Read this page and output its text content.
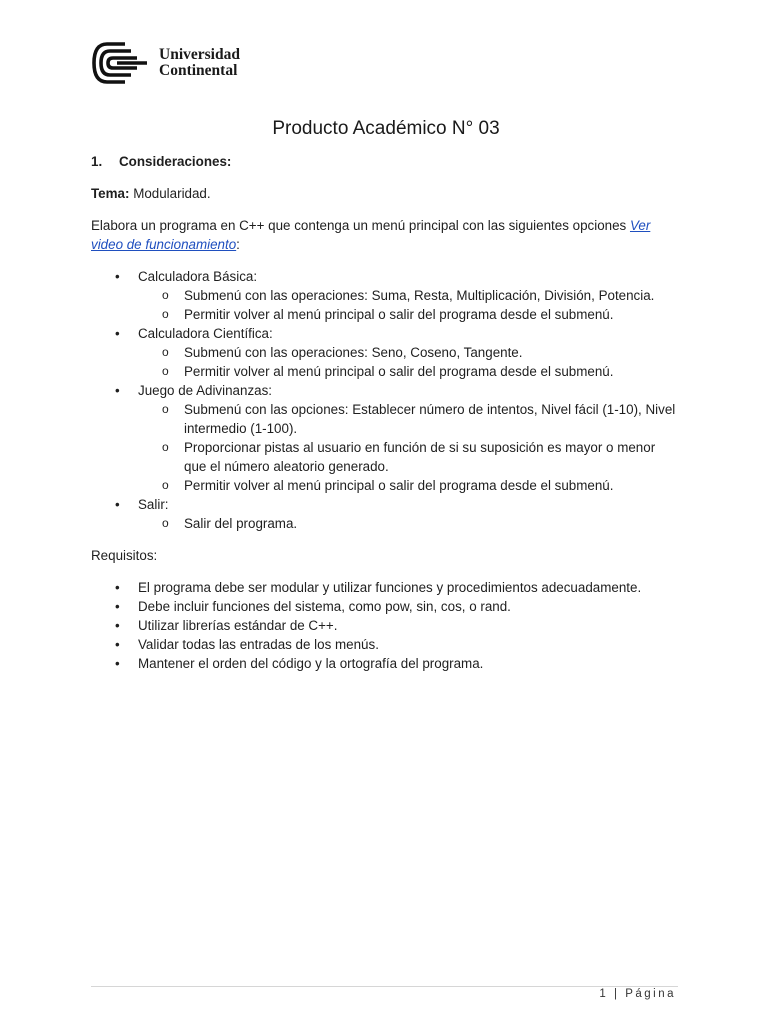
Universidad
Continental
Producto Académico N° 03
1. Consideraciones:

Tema: Modularidad.

Elabora un programa en C++ que contenga un menú principal con las siguientes opciones Ver video de funcionamiento:

• Calculadora Básica:
o Submenú con las operaciones: Suma, Resta, Multiplicación, División, Potencia.
o Permitir volver al menú principal o salir del programa desde el submenú.
• Calculadora Científica:
o Submenú con las operaciones: Seno, Coseno, Tangente.
o Permitir volver al menú principal o salir del programa desde el submenú.
• Juego de Adivinanzas:
o Submenú con las opciones: Establecer número de intentos, Nivel fácil (1-10), Nivel intermedio (1-100).
o Proporcionar pistas al usuario en función de si su suposición es mayor o menor que el número aleatorio generado.
o Permitir volver al menú principal o salir del programa desde el submenú.
• Salir:
o Salir del programa.

Requisitos:

• El programa debe ser modular y utilizar funciones y procedimientos adecuadamente.
• Debe incluir funciones del sistema, como pow, sin, cos, o rand.
• Utilizar librerías estándar de C++.
• Validar todas las entradas de los menús.
• Mantener el orden del código y la ortografía del programa.
1 | Página
